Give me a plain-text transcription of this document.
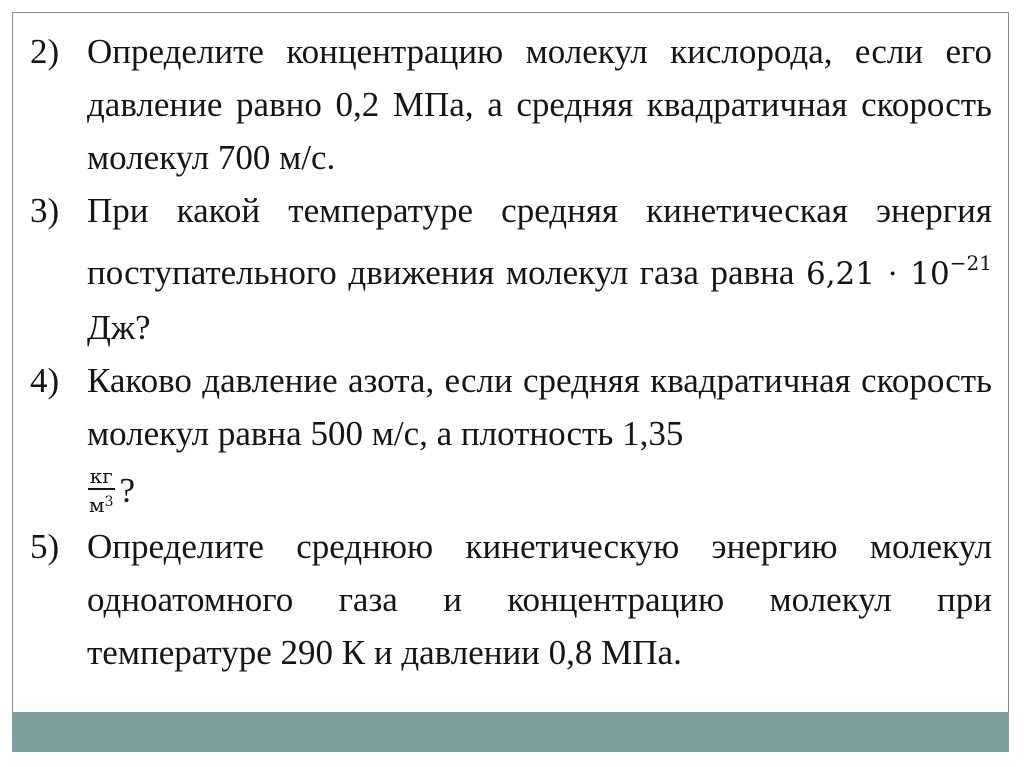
2) Определите концентрацию молекул кислорода, если его давление равно 0,2 МПа, а средняя квадратичная скорость молекул 700 м/с.
3) При какой температуре средняя кинетическая энергия поступательного движения молекул газа равна $6,21 \cdot 10^{-21}$ Дж?
4) Каково давление азота, если средняя квадратичная скорость молекул равна 500 м/с, а плотность 1,35
$\frac{кг}{м^3}$ ?
5) Определите среднюю кинетическую энергию молекул одноатомного газа и концентрацию молекул при температуре 290 К и давлении 0,8 МПа.
